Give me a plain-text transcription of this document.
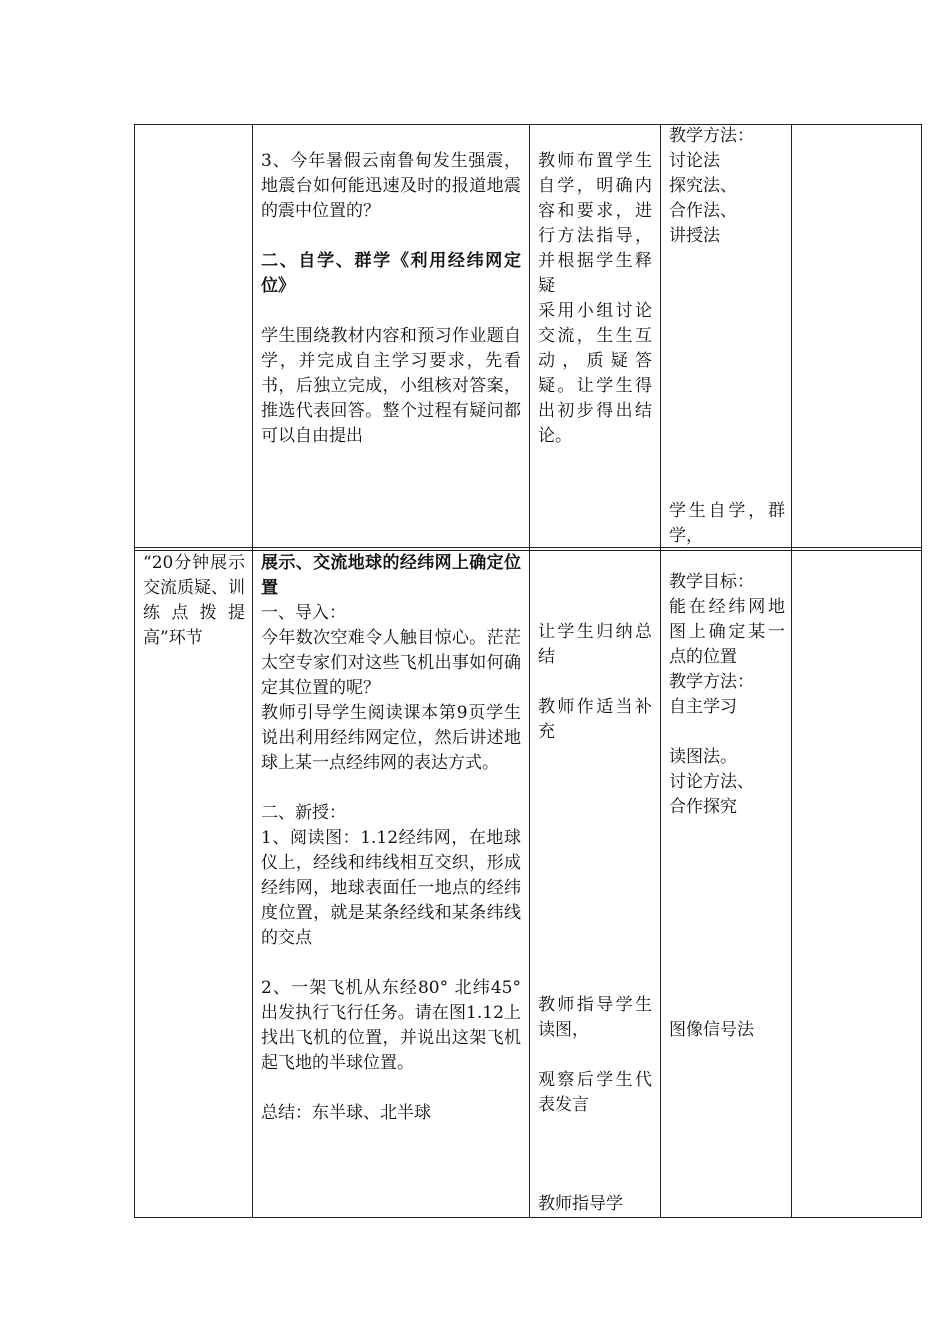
3、今年暑假云南鲁甸发生强震，地震台如何能迅速及时的报道地震的震中位置的？

二、自学、群学《利用经纬网定位》

学生围绕教材内容和预习作业题自学，并完成自主学习要求，先看书，后独立完成，小组核对答案，推选代表回答。整个过程有疑问都可以自由提出

教师布置学生自学，明确内容和要求，进行方法指导，并根据学生释疑

采用小组讨论交流，生生互动，质疑答疑。让学生得出初步得出结论。

教学方法：

讨论法

探究法、

合作法、

讲授法

学生自学，群学，

“20分钟展示交流质疑、训练点拨提高”环节

展示、交流地球的经纬网上确定位置

一、导入：

今年数次空难令人触目惊心。茫茫太空专家们对这些飞机出事如何确定其位置的呢？

教师引导学生阅读课本第9页学生说出利用经纬网定位，然后讲述地球上某一点经纬网的表达方式。

二、新授：

1、阅读图：1.12经纬网，在地球仪上，经线和纬线相互交织，形成经纬网，地球表面任一地点的经纬度位置，就是某条经线和某条纬线的交点

2、一架飞机从东经80° 北纬45° 出发执行飞行任务。请在图1.12上找出飞机的位置，并说出这架飞机起飞地的半球位置。

总结：东半球、北半球

让学生归纳总结

教师作适当补充

教师指导学生读图，

观察后学生代表发言

教师指导学

教学目标：

能在经纬网地图上确定某一点的位置

教学方法：

自主学习

读图法。

讨论方法、

合作探究

图像信号法
